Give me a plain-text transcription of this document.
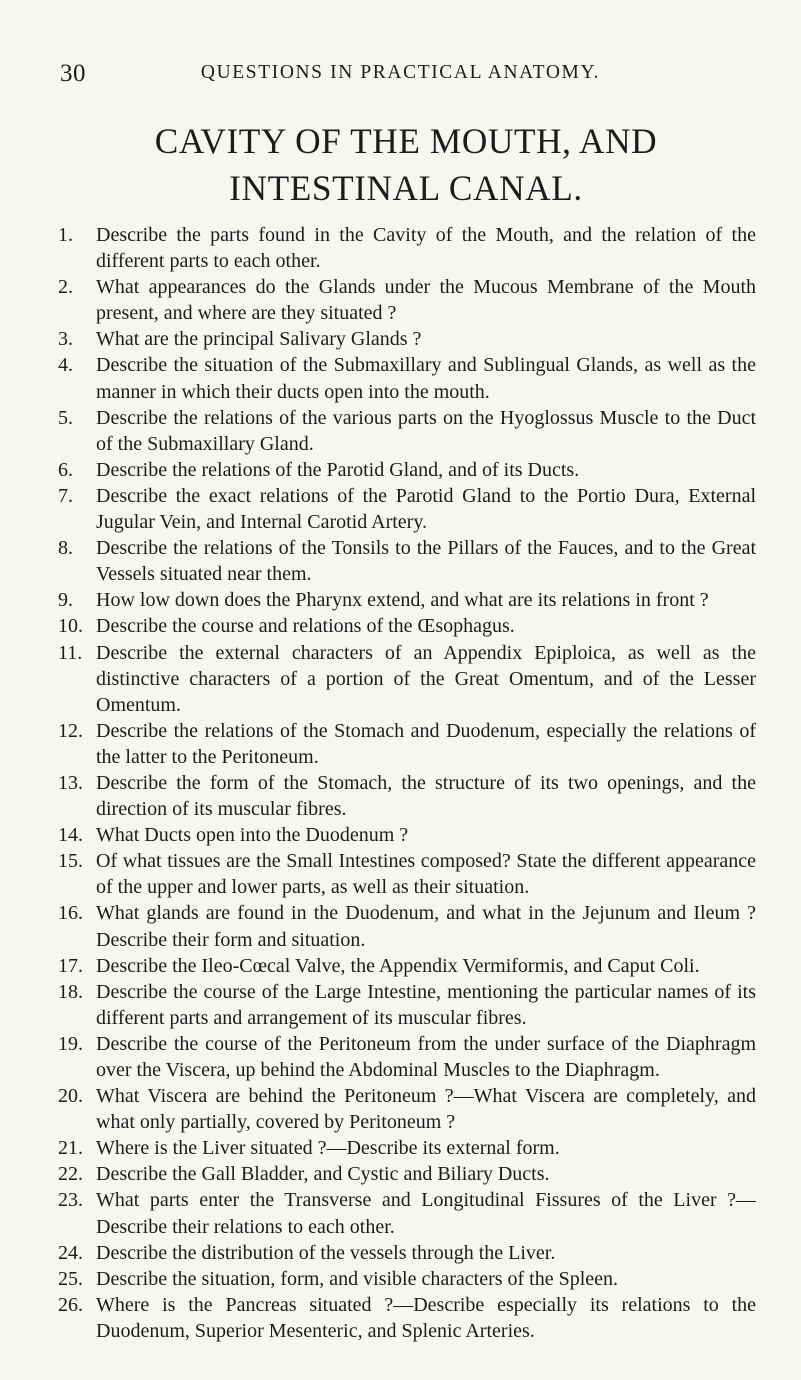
30	QUESTIONS IN PRACTICAL ANATOMY.
CAVITY OF THE MOUTH, AND INTESTINAL CANAL.
1.	Describe the parts found in the Cavity of the Mouth, and the relation of the different parts to each other.
2.	What appearances do the Glands under the Mucous Membrane of the Mouth present, and where are they situated ?
3.	What are the principal Salivary Glands ?
4.	Describe the situation of the Submaxillary and Sublingual Glands, as well as the manner in which their ducts open into the mouth.
5.	Describe the relations of the various parts on the Hyoglossus Muscle to the Duct of the Submaxillary Gland.
6.	Describe the relations of the Parotid Gland, and of its Ducts.
7.	Describe the exact relations of the Parotid Gland to the Portio Dura, External Jugular Vein, and Internal Carotid Artery.
8.	Describe the relations of the Tonsils to the Pillars of the Fauces, and to the Great Vessels situated near them.
9.	How low down does the Pharynx extend, and what are its relations in front ?
10. Describe the course and relations of the Œsophagus.
11. Describe the external characters of an Appendix Epiploica, as well as the distinctive characters of a portion of the Great Omentum, and of the Lesser Omentum.
12. Describe the relations of the Stomach and Duodenum, especially the relations of the latter to the Peritoneum.
13. Describe the form of the Stomach, the structure of its two openings, and the direction of its muscular fibres.
14. What Ducts open into the Duodenum ?
15. Of what tissues are the Small Intestines composed? State the different appearance of the upper and lower parts, as well as their situation.
16. What glands are found in the Duodenum, and what in the Jejunum and Ileum ? Describe their form and situation.
17. Describe the Ileo-Cœcal Valve, the Appendix Vermiformis, and Caput Coli.
18. Describe the course of the Large Intestine, mentioning the particular names of its different parts and arrangement of its muscular fibres.
19. Describe the course of the Peritoneum from the under surface of the Diaphragm over the Viscera, up behind the Abdominal Muscles to the Diaphragm.
20. What Viscera are behind the Peritoneum ?—What Viscera are completely, and what only partially, covered by Peritoneum ?
21. Where is the Liver situated ?—Describe its external form.
22. Describe the Gall Bladder, and Cystic and Biliary Ducts.
23. What parts enter the Transverse and Longitudinal Fissures of the Liver ?—Describe their relations to each other.
24. Describe the distribution of the vessels through the Liver.
25. Describe the situation, form, and visible characters of the Spleen.
26. Where is the Pancreas situated ?—Describe especially its relations to the Duodenum, Superior Mesenteric, and Splenic Arteries.
